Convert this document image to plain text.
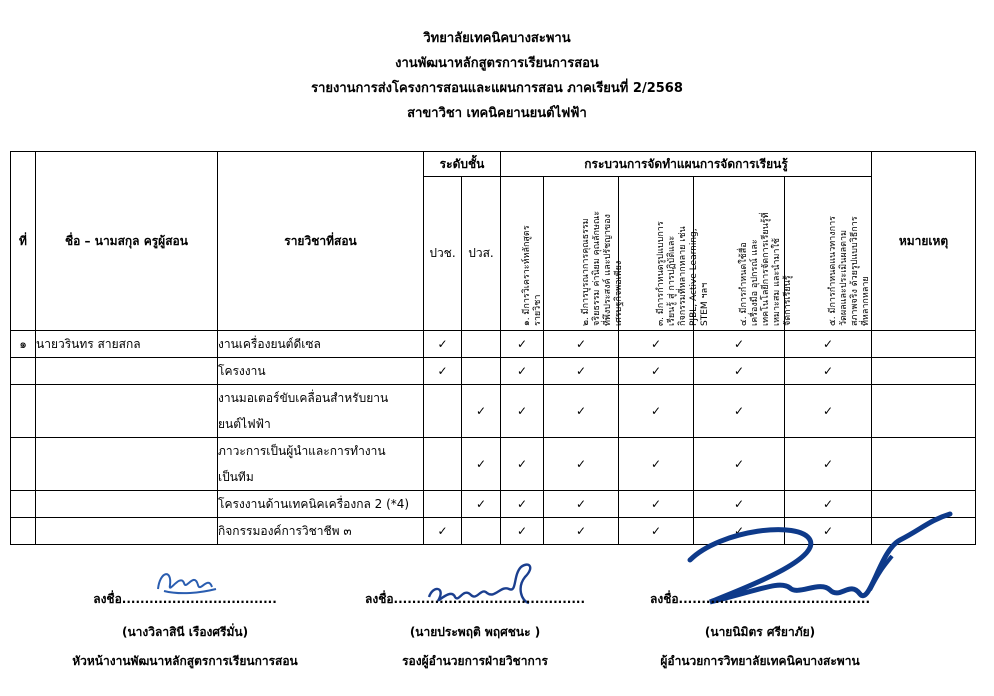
วิทยาลัยเทคนิคบางสะพาน
งานพัฒนาหลักสูตรการเรียนการสอน
รายงานการส่งโครงการสอนและแผนการสอน ภาคเรียนที่ 2/2568
สาขาวิชา เทคนิคยานยนต์ไฟฟ้า
ที่	ชื่อ – นามสกุล ครูผู้สอน	รายวิชาที่สอน	ระดับชั้น		กระบวนการจัดทำแผนการจัดการเรียนรู้					หมายเหตุ
			ปวช.	ปวส.	๑. มีการวิเคราะห์หลักสูตร รายวิชา	๒. มีการบูรณาการคุณธรรม จริยธรรม ค่านิยม คุณลักษณะ ที่พึงประสงค์ และปรัชญาของ เศรษฐกิจพอเพียง	๓. มีการกำหนดรูปแบบการ เรียนรู้ สู่ การปฏิบัติและ กิจกรรมที่หลากหลาย เช่น PJBL, Active Learning, STEM ฯลฯ	๔. มีการกำหนดใช้สื่อ เครื่องมือ อุปกรณ์ และ เทคโนโลยีการจัดการเรียนรู้ที่ เหมาะสม และนำมาใช้ จัดการเรียนรู้	๕. มีการกำหนดแนวทางการ วัดผลและประเมินผลตาม สภาพจริง ด้วยรูปแบบวิธีการ ที่หลากหลาย	

๑	นายวรินทร สายสกล	งานเครื่องยนต์ดีเซล	✓		✓	✓	✓	✓	✓	

		โครงงาน	✓		✓	✓	✓	✓	✓	

		งานมอเตอร์ขับเคลื่อนสำหรับยาน
ยนต์ไฟฟ้า		✓	✓	✓	✓	✓	✓	

		ภาวะการเป็นผู้นำและการทำงาน
เป็นทีม		✓	✓	✓	✓	✓	✓	

		โครงงานด้านเทคนิคเครื่องกล 2 (*4)		✓	✓	✓	✓	✓	✓	

		กิจกรรมองค์การวิชาชีพ ๓	✓		✓	✓	✓	✓	✓	
ลงชื่อ..................................
(นางวิลาสินี เรืองศรีมั่น)
หัวหน้างานพัฒนาหลักสูตรการเรียนการสอน
ลงชื่อ..........................................
(นายประพฤติ พฤศชนะ )
รองผู้อำนวยการฝ่ายวิชาการ
ลงชื่อ..........................................
(นายนิมิตร ศรียาภัย)
ผู้อำนวยการวิทยาลัยเทคนิคบางสะพาน
